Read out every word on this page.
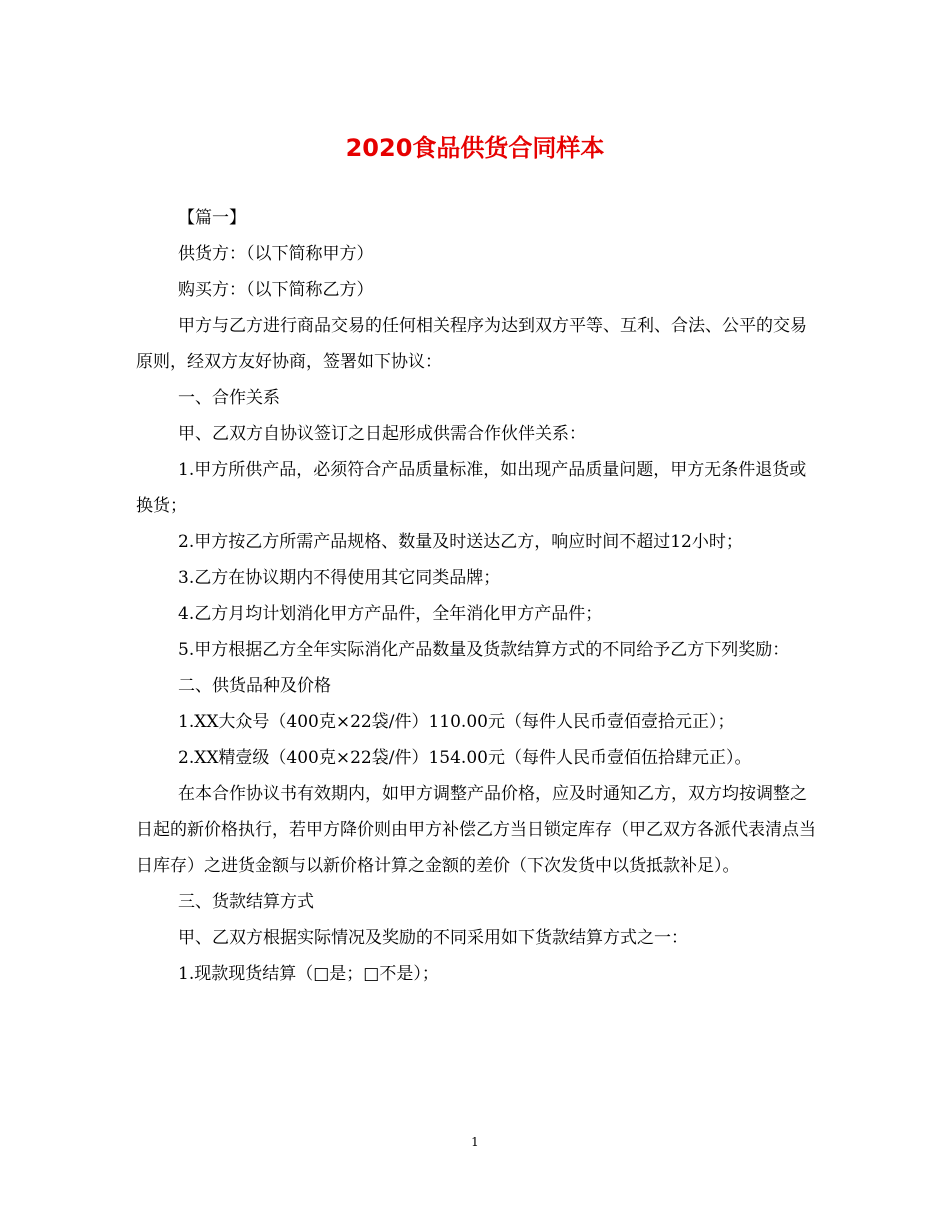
2020食品供货合同样本

【篇一】

供货方：（以下简称甲方）

购买方：（以下简称乙方）

甲方与乙方进行商品交易的任何相关程序为达到双方平等、互利、合法、公平的交易原则，经双方友好协商，签署如下协议：

一、合作关系

甲、乙双方自协议签订之日起形成供需合作伙伴关系：

1.甲方所供产品，必须符合产品质量标准，如出现产品质量问题，甲方无条件退货或换货；

2.甲方按乙方所需产品规格、数量及时送达乙方，响应时间不超过12小时；

3.乙方在协议期内不得使用其它同类品牌；

4.乙方月均计划消化甲方产品件，全年消化甲方产品件；

5.甲方根据乙方全年实际消化产品数量及货款结算方式的不同给予乙方下列奖励：

二、供货品种及价格

1.XX大众号（400克×22袋/件）110.00元（每件人民币壹佰壹拾元正）；

2.XX精壹级（400克×22袋/件）154.00元（每件人民币壹佰伍拾肆元正）。

在本合作协议书有效期内，如甲方调整产品价格，应及时通知乙方，双方均按调整之日起的新价格执行，若甲方降价则由甲方补偿乙方当日锁定库存（甲乙双方各派代表清点当日库存）之进货金额与以新价格计算之金额的差价（下次发货中以货抵款补足）。

三、货款结算方式

甲、乙双方根据实际情况及奖励的不同采用如下货款结算方式之一：

1.现款现货结算（□是；□不是）；

1
